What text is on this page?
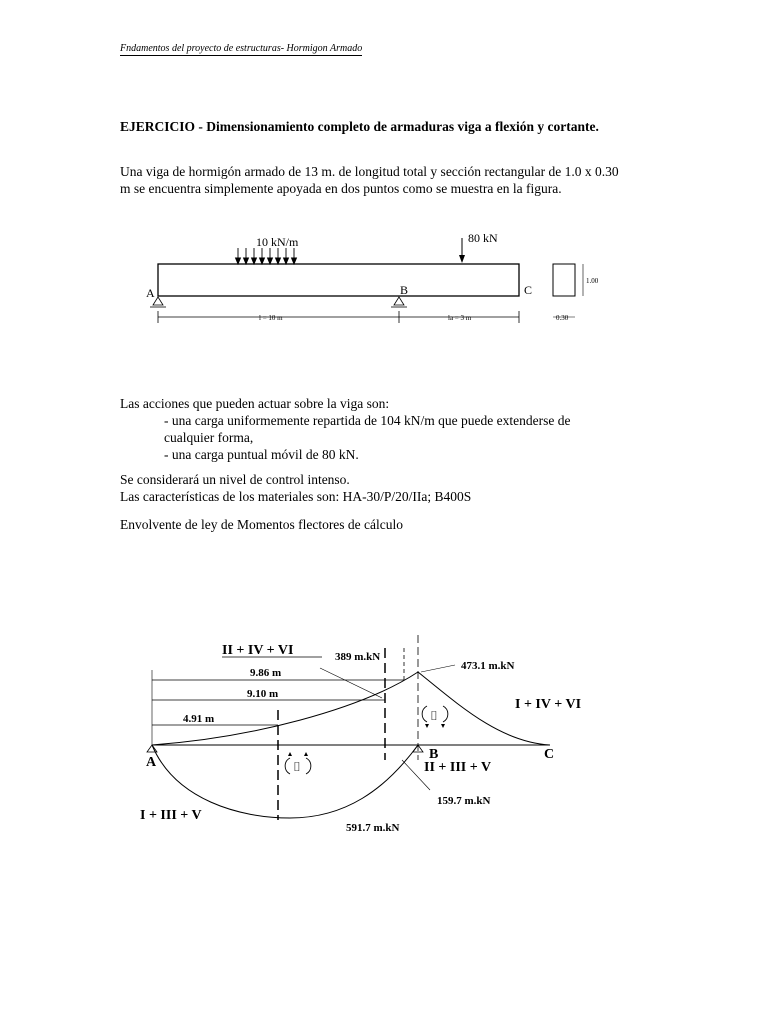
Fndamentos del proyecto de estructuras- Hormigon Armado
EJERCICIO - Dimensionamiento completo de armaduras viga a flexión y cortante.
Una viga de hormigón armado de 13 m. de longitud total y sección rectangular de 1.0 x 0.30
m se encuentra simplemente apoyada en dos puntos como se muestra en la figura.
10 kN/m	80 kN
A	B	C
l = 10 m	la = 3 m
1.00
0.30
Las acciones que pueden actuar sobre la viga son:
- una carga uniformemente repartida de 104 kN/m que puede extenderse de
cualquier forma,
- una carga puntual móvil de 80 kN.
Se considerará un nivel de control intenso.
Las características de los materiales son: HA-30/P/20/IIa; B400S
Envolvente de ley de Momentos flectores de cálculo
9.86 m
9.10 m
4.91 m
II + IV + VI
I + IV + VI
II + III + V
I + III + V
389 m.kN
473.1 m.kN
159.7 m.kN
591.7 m.kN
A
B	C
⌷
⌷
